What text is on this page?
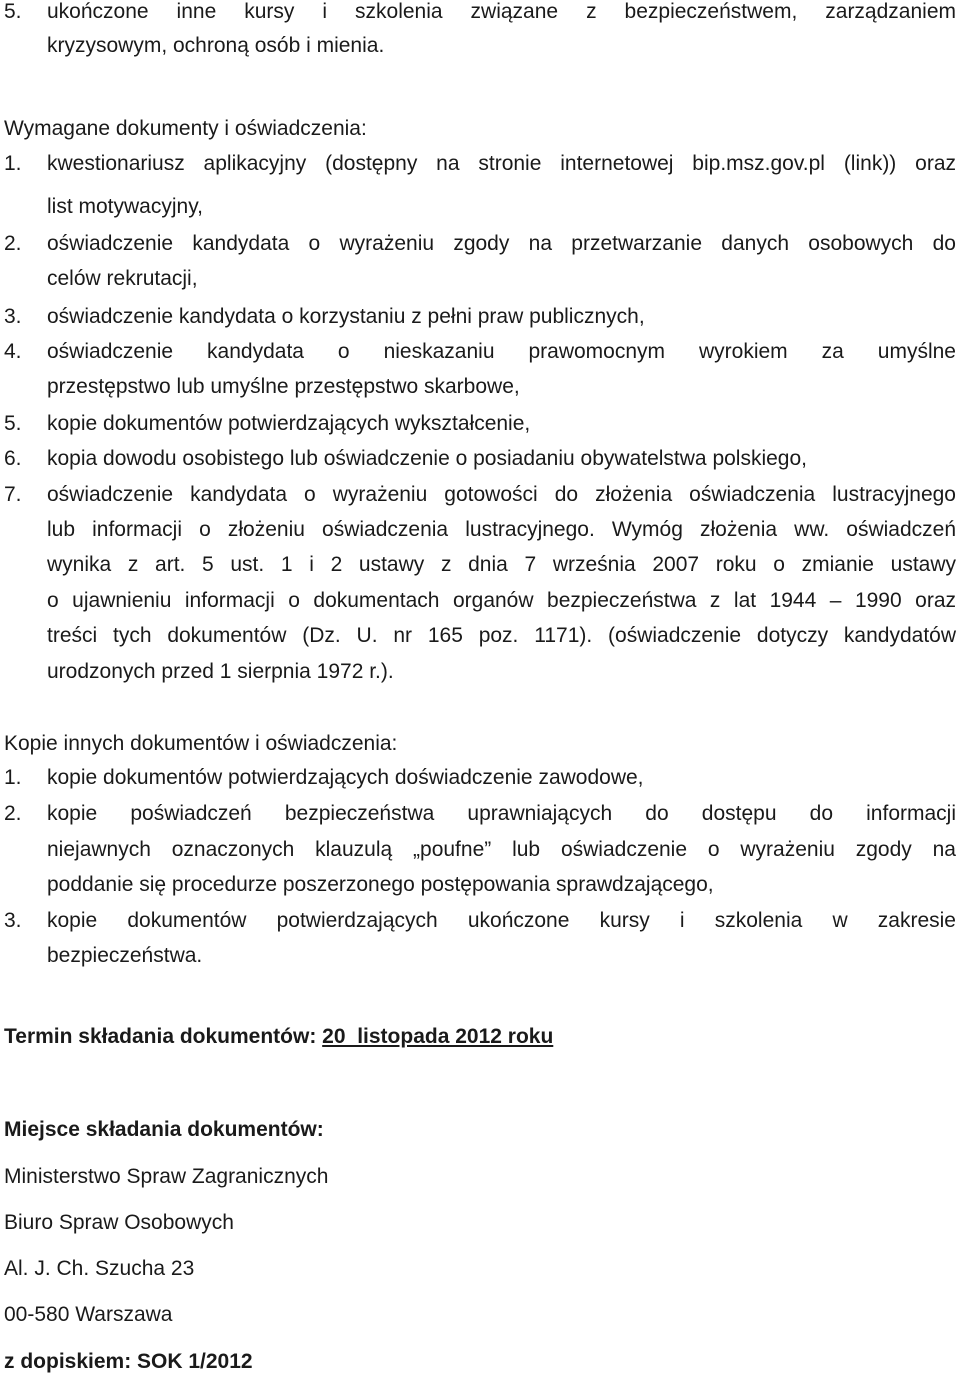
5. ukończone inne kursy i szkolenia związane z bezpieczeństwem, zarządzaniem
kryzysowym, ochroną osób i mienia.
Wymagane dokumenty i oświadczenia:
1. kwestionariusz aplikacyjny (dostępny na stronie internetowej bip.msz.gov.pl (link)) oraz
list motywacyjny,
2. oświadczenie kandydata o wyrażeniu zgody na przetwarzanie danych osobowych do
celów rekrutacji,
3. oświadczenie kandydata o korzystaniu z pełni praw publicznych,
4. oświadczenie kandydata o nieskazaniu prawomocnym wyrokiem za umyślne
przestępstwo lub umyślne przestępstwo skarbowe,
5. kopie dokumentów potwierdzających wykształcenie,
6. kopia dowodu osobistego lub oświadczenie o posiadaniu obywatelstwa polskiego,
7. oświadczenie kandydata o wyrażeniu gotowości do złożenia oświadczenia lustracyjnego
lub informacji o złożeniu oświadczenia lustracyjnego. Wymóg złożenia ww. oświadczeń
wynika z art. 5 ust. 1 i 2 ustawy z dnia 7 września 2007 roku o zmianie ustawy
o ujawnieniu informacji o dokumentach organów bezpieczeństwa z lat 1944 – 1990 oraz
treści tych dokumentów (Dz. U. nr 165 poz. 1171). (oświadczenie dotyczy kandydatów
urodzonych przed 1 sierpnia 1972 r.).
Kopie innych dokumentów i oświadczenia:
1. kopie dokumentów potwierdzających doświadczenie zawodowe,
2. kopie poświadczeń bezpieczeństwa uprawniających do dostępu do informacji
niejawnych oznaczonych klauzulą „poufne” lub oświadczenie o wyrażeniu zgody na
poddanie się procedurze poszerzonego postępowania sprawdzającego,
3. kopie dokumentów potwierdzających ukończone kursy i szkolenia w zakresie
bezpieczeństwa.
Termin składania dokumentów: 20  listopada 2012 roku
Miejsce składania dokumentów:
Ministerstwo Spraw Zagranicznych
Biuro Spraw Osobowych
Al. J. Ch. Szucha 23
00-580 Warszawa
z dopiskiem: SOK 1/2012
